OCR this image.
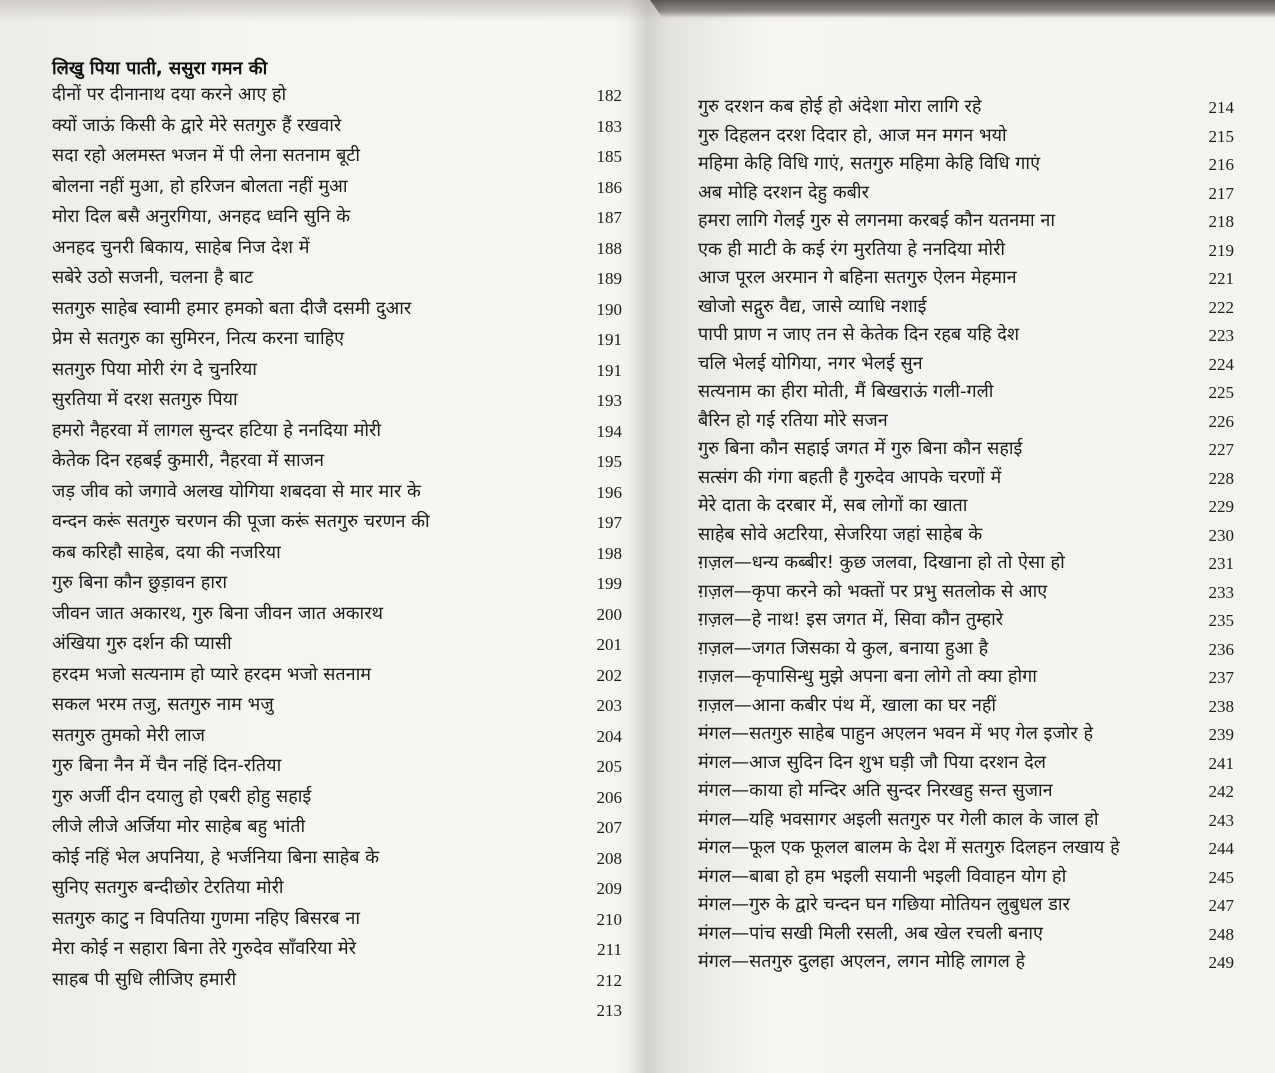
लिखु पिया पाती, ससुरा गमन की
दीनों पर दीनानाथ दया करने आए हो	182
क्यों जाऊं किसी के द्वारे मेरे सतगुरु हैं रखवारे	183
सदा रहो अलमस्त भजन में पी लेना सतनाम बूटी	185
बोलना नहीं मुआ, हो हरिजन बोलता नहीं मुआ	186
मोरा दिल बसै अनुरगिया, अनहद ध्वनि सुनि के	187
अनहद चुनरी बिकाय, साहेब निज देश में	188
सबेरे उठो सजनी, चलना है बाट	189
सतगुरु साहेब स्वामी हमार हमको बता दीजै दसमी दुआर	190
प्रेम से सतगुरु का सुमिरन, नित्य करना चाहिए	191
सतगुरु पिया मोरी रंग दे चुनरिया	191
सुरतिया में दरश सतगुरु पिया	193
हमरो नैहरवा में लागल सुन्दर हटिया हे ननदिया मोरी	194
केतेक दिन रहबई कुमारी, नैहरवा में साजन	195
जड़ जीव को जगावे अलख योगिया शबदवा से मार मार के	196
वन्दन करूं सतगुरु चरणन की पूजा करूं सतगुरु चरणन की	197
कब करिहौ साहेब, दया की नजरिया	198
गुरु बिना कौन छुड़ावन हारा	199
जीवन जात अकारथ, गुरु बिना जीवन जात अकारथ	200
अंखिया गुरु दर्शन की प्यासी	201
हरदम भजो सत्यनाम हो प्यारे हरदम भजो सतनाम	202
सकल भरम तजु, सतगुरु नाम भजु	203
सतगुरु तुमको मेरी लाज	204
गुरु बिना नैन में चैन नहिं दिन-रतिया	205
गुरु अर्जी दीन दयालु हो एबरी होहु सहाई	206
लीजे लीजे अर्जिया मोर साहेब बहु भांती	207
कोई नहिं भेल अपनिया, हे भर्जनिया बिना साहेब के	208
सुनिए सतगुरु बन्दीछोर टेरतिया मोरी	209
सतगुरु काटु न विपतिया गुणमा नहिए बिसरब ना	210
मेरा कोई न सहारा बिना तेरे गुरुदेव साँवरिया मेरे	211
साहब पी सुधि लीजिए हमारी	212
213
गुरु दरशन कब होई हो अंदेशा मोरा लागि रहे	214
गुरु दिहलन दरश दिदार हो, आज मन मगन भयो	215
महिमा केहि विधि गाएं, सतगुरु महिमा केहि विधि गाएं	216
अब मोहि दरशन देहु कबीर	217
हमरा लागि गेलई गुरु से लगनमा करबई कौन यतनमा ना	218
एक ही माटी के कई रंग मुरतिया हे ननदिया मोरी	219
आज पूरल अरमान गे बहिना सतगुरु ऐलन मेहमान	221
खोजो सद्गुरु वैद्य, जासे व्याधि नशाई	222
पापी प्राण न जाए तन से केतेक दिन रहब यहि देश	223
चलि भेलई योगिया, नगर भेलई सुन	224
सत्यनाम का हीरा मोती, मैं बिखराऊं गली-गली	225
बैरिन हो गई रतिया मोरे सजन	226
गुरु बिना कौन सहाई जगत में गुरु बिना कौन सहाई	227
सत्संग की गंगा बहती है गुरुदेव आपके चरणों में	228
मेरे दाता के दरबार में, सब लोगों का खाता	229
साहेब सोवे अटरिया, सेजरिया जहां साहेब के	230
ग़ज़ल—धन्य कब्बीर! कुछ जलवा, दिखाना हो तो ऐसा हो	231
ग़ज़ल—कृपा करने को भक्तों पर प्रभु सतलोक से आए	233
ग़ज़ल—हे नाथ! इस जगत में, सिवा कौन तुम्हारे	235
ग़ज़ल—जगत जिसका ये कुल, बनाया हुआ है	236
ग़ज़ल—कृपासिन्धु मुझे अपना बना लोगे तो क्या होगा	237
ग़ज़ल—आना कबीर पंथ में, खाला का घर नहीं	238
मंगल—सतगुरु साहेब पाहुन अएलन भवन में भए गेल इजोर हे	239
मंगल—आज सुदिन दिन शुभ घड़ी जौ पिया दरशन देल	241
मंगल—काया हो मन्दिर अति सुन्दर निरखहु सन्त सुजान	242
मंगल—यहि भवसागर अइली सतगुरु पर गेली काल के जाल हो	243
मंगल—फूल एक फूलल बालम के देश में सतगुरु दिलहन लखाय हे	244
मंगल—बाबा हो हम भइली सयानी भइली विवाहन योग हो	245
मंगल—गुरु के द्वारे चन्दन घन गछिया मोतियन लुबुधल डार	247
मंगल—पांच सखी मिली रसली, अब खेल रचली बनाए	248
मंगल—सतगुरु दुलहा अएलन, लगन मोहि लागल हे	249
